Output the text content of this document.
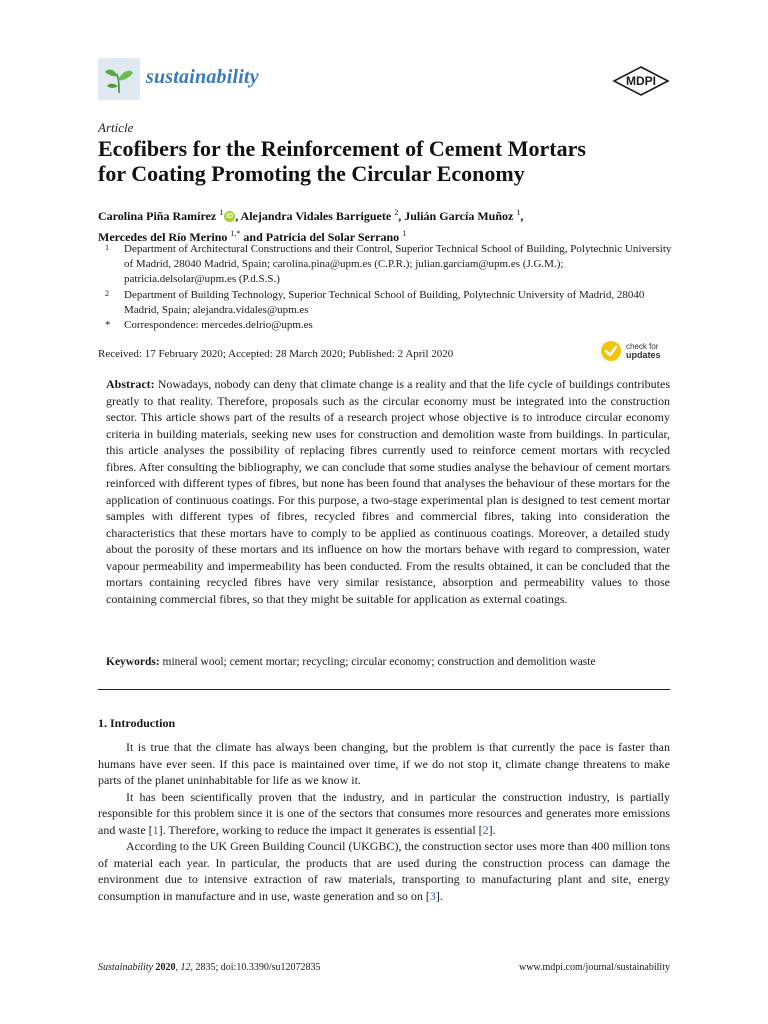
sustainability	MDPI
Article
Ecofibers for the Reinforcement of Cement Mortars
for Coating Promoting the Circular Economy
Carolina Piña Ramírez $^1$ iD , Alejandra Vidales Barriguete $^2$, Julián García Muñoz $^1$,
Mercedes del Río Merino $^{1,*}$ and Patricia del Solar Serrano $^1$
1 Department of Architectural Constructions and their Control, Superior Technical School of Building, Polytechnic University of Madrid, 28040 Madrid, Spain; carolina.pina@upm.es (C.P.R.); julian.garciam@upm.es (J.G.M.); patricia.delsolar@upm.es (P.d.S.S.)
2 Department of Building Technology, Superior Technical School of Building, Polytechnic University of Madrid, 28040 Madrid, Spain; alejandra.vidales@upm.es
* Correspondence: mercedes.delrio@upm.es
Received: 17 February 2020; Accepted: 28 March 2020; Published: 2 April 2020
check for
updates
Abstract: Nowadays, nobody can deny that climate change is a reality and that the life cycle of buildings contributes greatly to that reality. Therefore, proposals such as the circular economy must be integrated into the construction sector. This article shows part of the results of a research project whose objective is to introduce circular economy criteria in building materials, seeking new uses for construction and demolition waste from buildings. In particular, this article analyses the possibility of replacing fibres currently used to reinforce cement mortars with recycled fibres. After consulting the bibliography, we can conclude that some studies analyse the behaviour of cement mortars reinforced with different types of fibres, but none has been found that analyses the behaviour of these mortars for the application of continuous coatings. For this purpose, a two-stage experimental plan is designed to test cement mortar samples with different types of fibres, recycled fibres and commercial fibres, taking into consideration the characteristics that these mortars have to comply to be applied as continuous coatings. Moreover, a detailed study about the porosity of these mortars and its influence on how the mortars behave with regard to compression, water vapour permeability and impermeability has been conducted. From the results obtained, it can be concluded that the mortars containing recycled fibres have very similar resistance, absorption and permeability values to those containing commercial fibres, so that they might be suitable for application as external coatings.
Keywords: mineral wool; cement mortar; recycling; circular economy; construction and demolition waste
1. Introduction

It is true that the climate has always been changing, but the problem is that currently the pace is faster than humans have ever seen. If this pace is maintained over time, if we do not stop it, climate change threatens to make parts of the planet uninhabitable for life as we know it.

It has been scientifically proven that the industry, and in particular the construction industry, is partially responsible for this problem since it is one of the sectors that consumes more resources and generates more emissions and waste [1]. Therefore, working to reduce the impact it generates is essential [2].

According to the UK Green Building Council (UKGBC), the construction sector uses more than 400 million tons of material each year. In particular, the products that are used during the construction process can damage the environment due to intensive extraction of raw materials, transporting to manufacturing plant and site, energy consumption in manufacture and in use, waste generation and so on [3].

Sustainability 2020, 12, 2835; doi:10.3390/su12072835	www.mdpi.com/journal/sustainability
